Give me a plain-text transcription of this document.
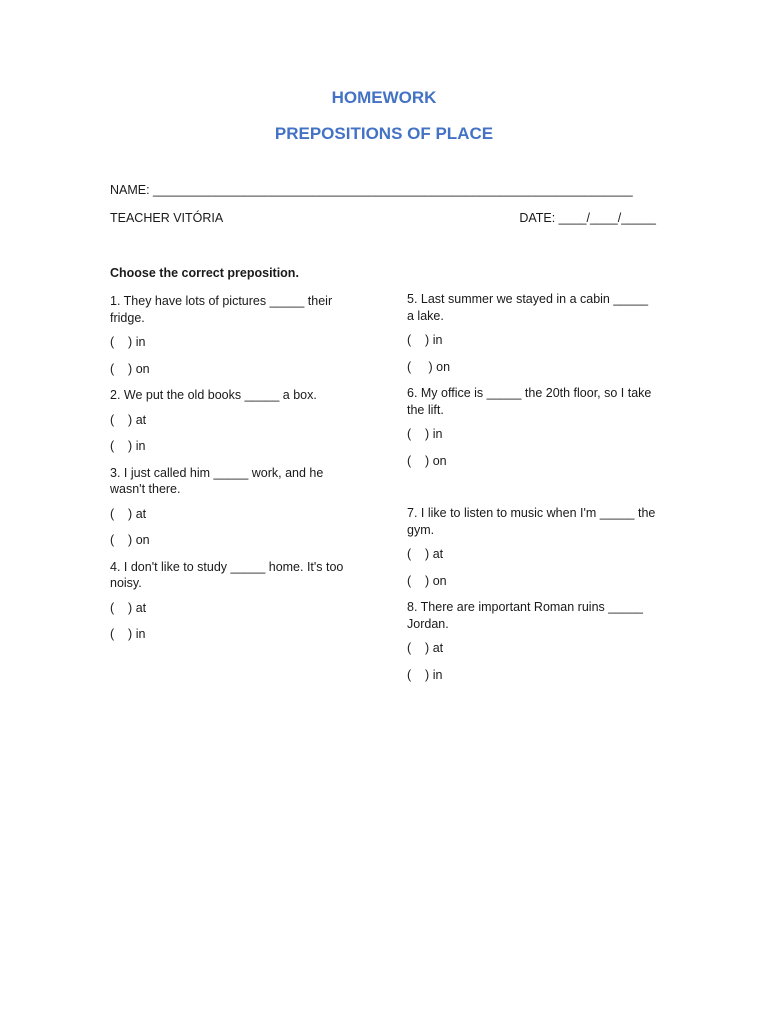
HOMEWORK
PREPOSITIONS OF PLACE

NAME: _____________________________________________________________________

TEACHER VITÓRIA	DATE: ____/____/_____
Choose the correct preposition.

1. They have lots of pictures _____ their fridge.

(    ) in

(    ) on

2. We put the old books _____ a box.

(    ) at

(    ) in

3. I just called him _____ work, and he wasn't there.

(    ) at

(    ) on

4. I don't like to study _____ home. It's too noisy.

(    ) at

(    ) in

5. Last summer we stayed in a cabin _____ a lake.

(    ) in

(     ) on

6. My office is _____ the 20th floor, so I take the lift.

(    ) in

(    ) on

7. I like to listen to music when I'm _____ the gym.

(    ) at

(    ) on

8. There are important Roman ruins _____ Jordan.

(    ) at

(    ) in
